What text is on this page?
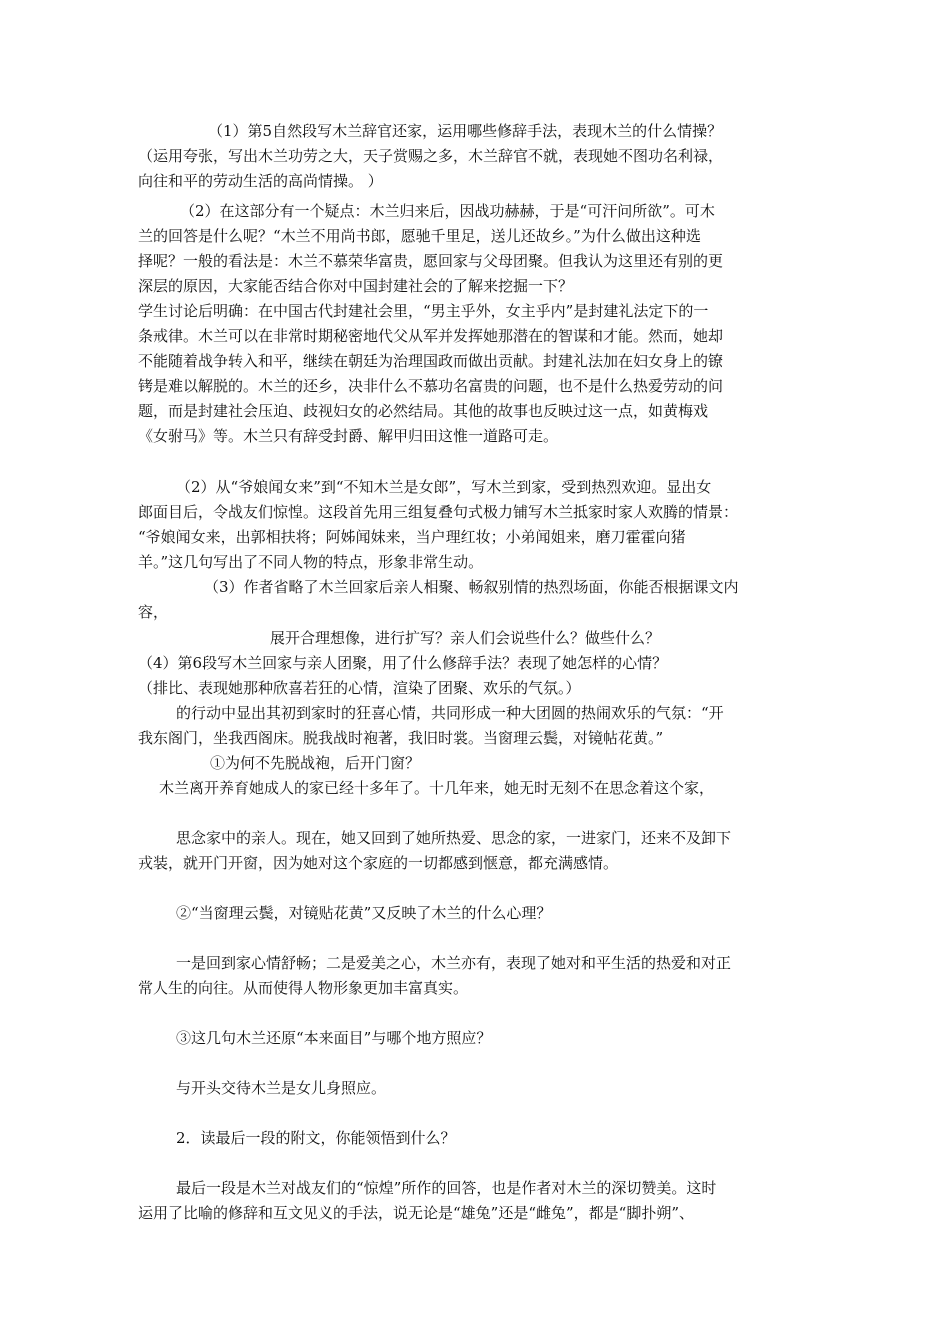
（1）第5自然段写木兰辞官还家，运用哪些修辞手法，表现木兰的什么情操？
（运用夸张，写出木兰功劳之大，天子赏赐之多，木兰辞官不就，表现她不图功名利禄，
向往和平的劳动生活的高尚情操。 ）
（2）在这部分有一个疑点：木兰归来后，因战功赫赫，于是“可汗问所欲”。可木
兰的回答是什么呢？“木兰不用尚书郎，愿驰千里足，送儿还故乡。”为什么做出这种选
择呢？一般的看法是：木兰不慕荣华富贵，愿回家与父母团聚。但我认为这里还有别的更
深层的原因，大家能否结合你对中国封建社会的了解来挖掘一下？
学生讨论后明确：在中国古代封建社会里，“男主乎外，女主乎内”是封建礼法定下的一
条戒律。木兰可以在非常时期秘密地代父从军并发挥她那潜在的智谋和才能。然而，她却
不能随着战争转入和平，继续在朝廷为治理国政而做出贡献。封建礼法加在妇女身上的镣
铐是难以解脱的。木兰的还乡，决非什么不慕功名富贵的问题，也不是什么热爱劳动的问
题，而是封建社会压迫、歧视妇女的必然结局。其他的故事也反映过这一点，如黄梅戏
《女驸马》等。木兰只有辞受封爵、解甲归田这惟一道路可走。
（2）从“爷娘闻女来”到“不知木兰是女郎”，写木兰到家，受到热烈欢迎。显出女
郎面目后，令战友们惊惶。这段首先用三组复叠句式极力铺写木兰抵家时家人欢腾的情景：
“爷娘闻女来，出郭相扶将；阿姊闻妹来，当户理红妆；小弟闻姐来，磨刀霍霍向猪
羊。”这几句写出了不同人物的特点，形象非常生动。
（3）作者省略了木兰回家后亲人相聚、畅叙别情的热烈场面，你能否根据课文内
容，
展开合理想像，进行扩写？亲人们会说些什么？做些什么？
（4）第6段写木兰回家与亲人团聚，用了什么修辞手法？表现了她怎样的心情？
（排比、表现她那种欣喜若狂的心情，渲染了团聚、欢乐的气氛。）
的行动中显出其初到家时的狂喜心情，共同形成一种大团圆的热闹欢乐的气氛：“开
我东阁门，坐我西阁床。脱我战时袍著，我旧时裳。当窗理云鬓，对镜帖花黄。”
①为何不先脱战袍，后开门窗？
木兰离开养育她成人的家已经十多年了。十几年来，她无时无刻不在思念着这个家，
思念家中的亲人。现在，她又回到了她所热爱、思念的家，一进家门，还来不及卸下
戎装，就开门开窗，因为她对这个家庭的一切都感到惬意，都充满感情。
②“当窗理云鬓，对镜贴花黄”又反映了木兰的什么心理？
一是回到家心情舒畅；二是爱美之心，木兰亦有，表现了她对和平生活的热爱和对正
常人生的向往。从而使得人物形象更加丰富真实。
③这几句木兰还原“本来面目”与哪个地方照应？
与开头交待木兰是女儿身照应。
2．读最后一段的附文，你能领悟到什么？
最后一段是木兰对战友们的“惊煌”所作的回答，也是作者对木兰的深切赞美。这时
运用了比喻的修辞和互文见义的手法，说无论是“雄兔”还是“雌兔”，都是“脚扑朔”、
